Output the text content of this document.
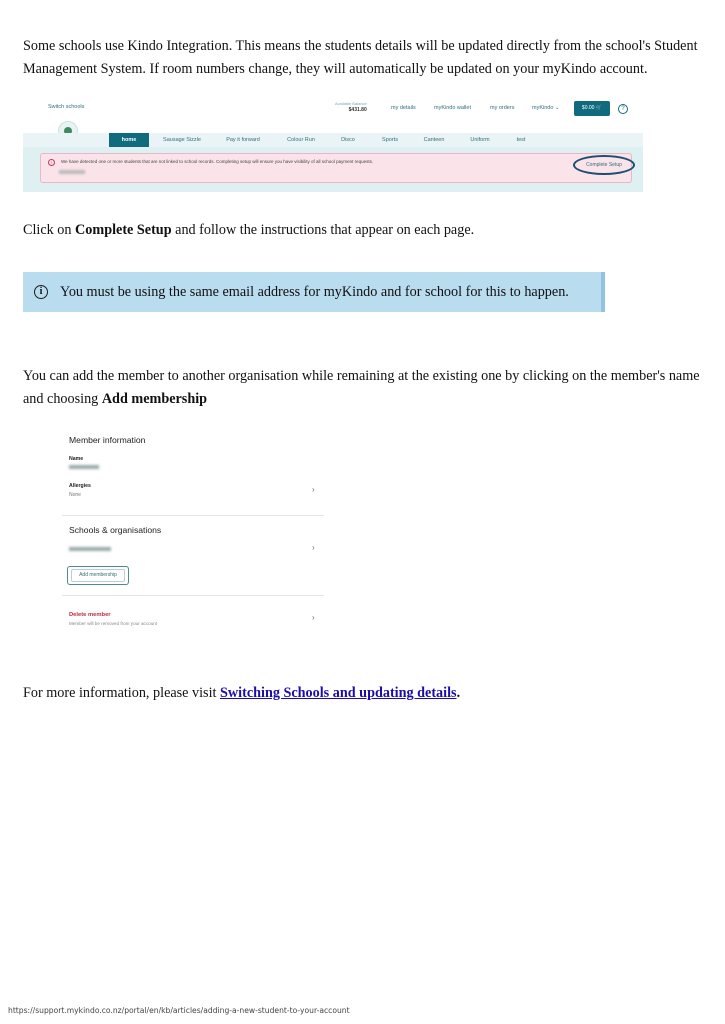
Some schools use Kindo Integration. This means the students details will be updated directly from the school's Student Management System. If room numbers change, they will automatically be updated on your myKindo account.

Switch schools
Available Balance
$431.80	my details	myKindo wallet	my orders	myKindo ⌄	$0.00 🛒	?
home	Sausage Sizzle	Pay it forward	Colour Run	Disco	Sports	Canteen	Uniform	test
!	We have detected one or more students that are not linked to school records. Completing setup will ensure you have visibility of all school payment requests.
Complete Setup

Click on Complete Setup and follow the instructions that appear on each page.

i	You must be using the same email address for myKindo and for school for this to happen.

You can add the member to another organisation while remaining at the existing one by clicking on the member's name and choosing Add membership

Member information
Name
Allergies
None
›
Schools & organisations
›
Add membership
Delete member
Member will be removed from your account
›

For more information, please visit Switching Schools and updating details.

https://support.mykindo.co.nz/portal/en/kb/articles/adding-a-new-student-to-your-account
